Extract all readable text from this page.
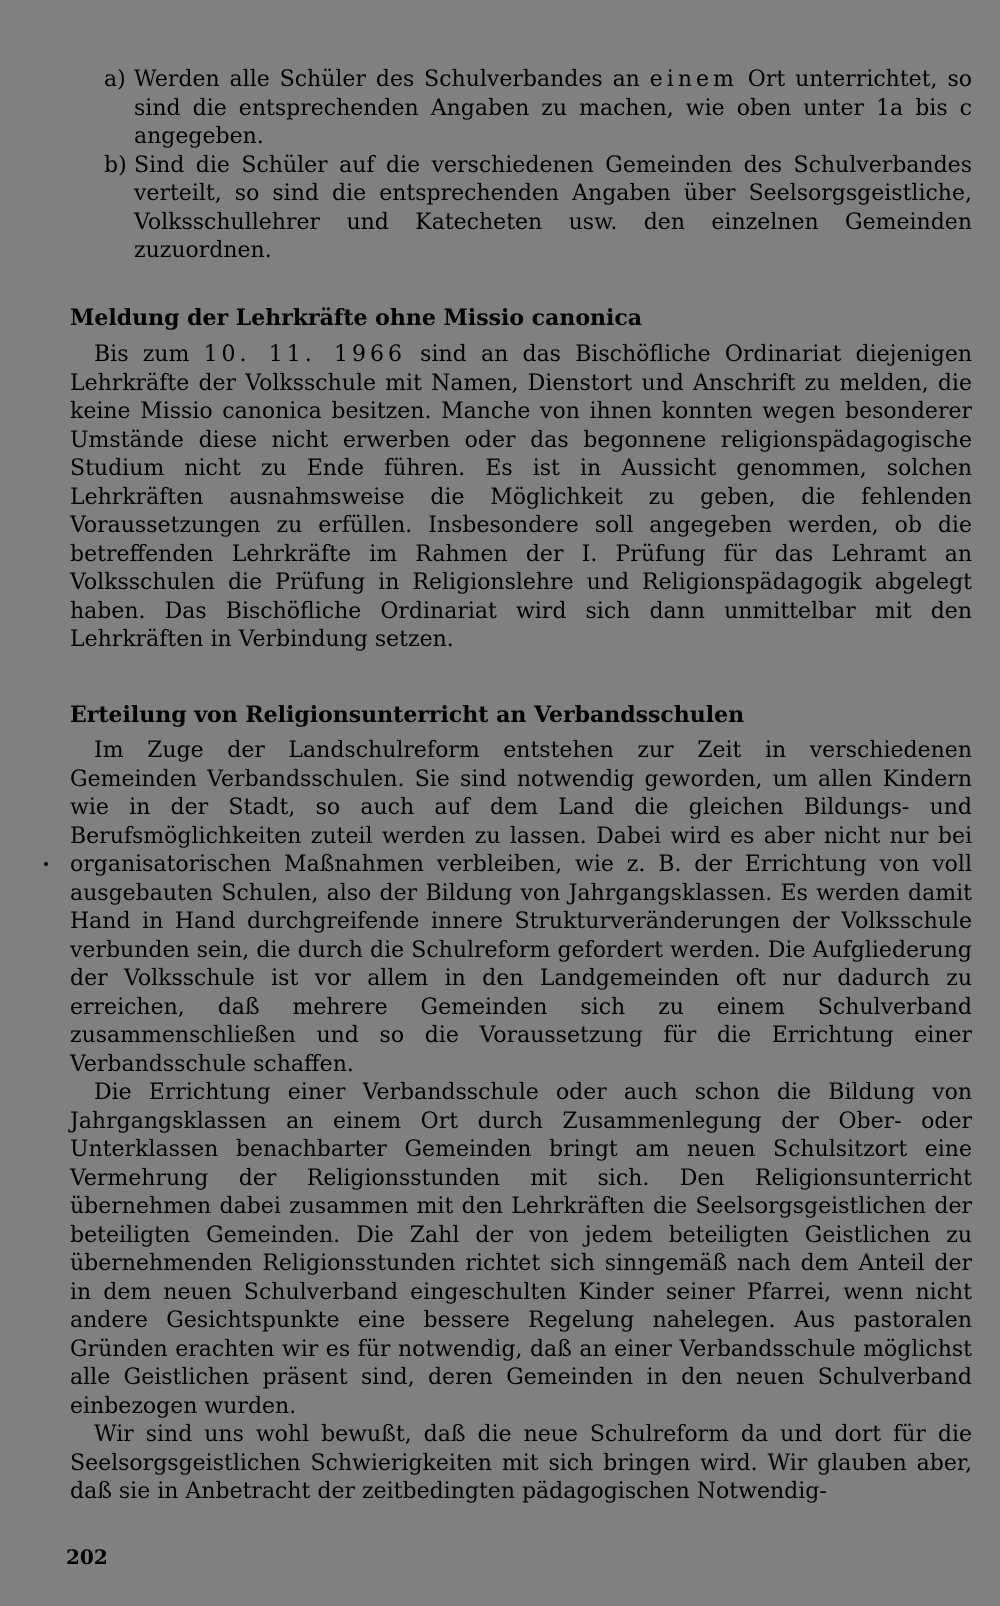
a) Werden alle Schüler des Schulverbandes an einem Ort unterrichtet, so sind die entsprechenden Angaben zu machen, wie oben unter 1a bis c angegeben.
b) Sind die Schüler auf die verschiedenen Gemeinden des Schulverbandes verteilt, so sind die entsprechenden Angaben über Seelsorgsgeistliche, Volksschullehrer und Katecheten usw. den einzelnen Gemeinden zuzuordnen.
Meldung der Lehrkräfte ohne Missio canonica

Bis zum 10. 11. 1966 sind an das Bischöfliche Ordinariat diejenigen Lehrkräfte der Volksschule mit Namen, Dienstort und Anschrift zu melden, die keine Missio canonica besitzen. Manche von ihnen konnten wegen besonderer Umstände diese nicht erwerben oder das begonnene religionspädagogische Studium nicht zu Ende führen. Es ist in Aussicht genommen, solchen Lehrkräften ausnahmsweise die Möglichkeit zu geben, die fehlenden Voraussetzungen zu erfüllen. Insbesondere soll angegeben werden, ob die betreffenden Lehrkräfte im Rahmen der I. Prüfung für das Lehramt an Volksschulen die Prüfung in Religionslehre und Religionspädagogik abgelegt haben. Das Bischöfliche Ordinariat wird sich dann unmittelbar mit den Lehrkräften in Verbindung setzen.

Erteilung von Religionsunterricht an Verbandsschulen

Im Zuge der Landschulreform entstehen zur Zeit in verschiedenen Gemeinden Verbandsschulen. Sie sind notwendig geworden, um allen Kindern wie in der Stadt, so auch auf dem Land die gleichen Bildungs- und Berufsmöglichkeiten zuteil werden zu lassen. Dabei wird es aber nicht nur bei organisatorischen Maßnahmen verbleiben, wie z. B. der Errichtung von voll ausgebauten Schulen, also der Bildung von Jahrgangsklassen. Es werden damit Hand in Hand durchgreifende innere Strukturveränderungen der Volksschule verbunden sein, die durch die Schulreform gefordert werden. Die Aufgliederung der Volksschule ist vor allem in den Landgemeinden oft nur dadurch zu erreichen, daß mehrere Gemeinden sich zu einem Schulverband zusammenschließen und so die Voraussetzung für die Errichtung einer Verbandsschule schaffen.

Die Errichtung einer Verbandsschule oder auch schon die Bildung von Jahrgangsklassen an einem Ort durch Zusammenlegung der Ober- oder Unterklassen benachbarter Gemeinden bringt am neuen Schulsitzort eine Vermehrung der Religionsstunden mit sich. Den Religionsunterricht übernehmen dabei zusammen mit den Lehrkräften die Seelsorgsgeistlichen der beteiligten Gemeinden. Die Zahl der von jedem beteiligten Geistlichen zu übernehmenden Religionsstunden richtet sich sinngemäß nach dem Anteil der in dem neuen Schulverband eingeschulten Kinder seiner Pfarrei, wenn nicht andere Gesichtspunkte eine bessere Regelung nahelegen. Aus pastoralen Gründen erachten wir es für notwendig, daß an einer Verbandsschule möglichst alle Geistlichen präsent sind, deren Gemeinden in den neuen Schulverband einbezogen wurden.

Wir sind uns wohl bewußt, daß die neue Schulreform da und dort für die Seelsorgsgeistlichen Schwierigkeiten mit sich bringen wird. Wir glauben aber, daß sie in Anbetracht der zeitbedingten pädagogischen Notwendig-

202
